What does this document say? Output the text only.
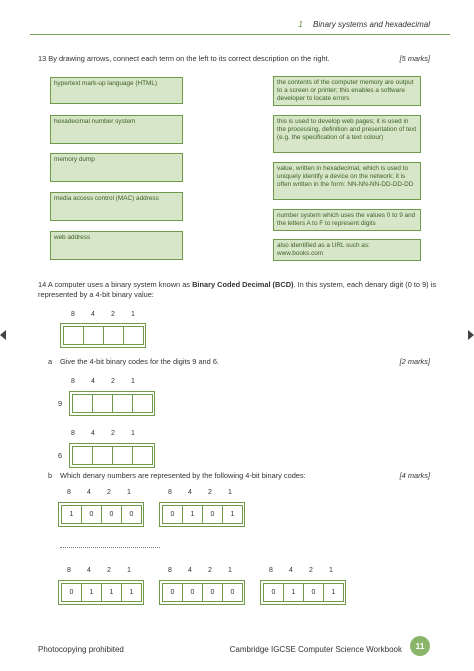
1 Binary systems and hexadecimal
13 By drawing arrows, connect each term on the left to its correct description on the right.	[5 marks]
hypertext mark-up language (HTML)
hexadecimal number system
memory dump
media access control (MAC) address
web address
the contents of the computer memory are output to a screen or printer; this enables a software developer to locate errors
this is used to develop web pages; it is used in the processing, definition and presentation of text (e.g. the specification of a text colour)
value, written in hexadecimal, which is used to uniquely identify a device on the network; it is often written in the form: NN-NN-NN-DD-DD-DD
number system which uses the values 0 to 9 and the letters A to F to represent digits
also identified as a URL such as: www.books.com
14 A computer uses a binary system known as Binary Coded Decimal (BCD). In this system, each denary digit (0 to 9) is represented by a 4-bit binary value:
8	4	2	1
a Give the 4-bit binary codes for the digits 9 and 6.	[2 marks]
8	4	2	1
9
8	4	2	1
6
b Which denary numbers are represented by the following 4-bit binary codes:	[4 marks]
8	4	2	1
1	0	0	0
8	4	2	1
0	1	0	1
8	4	2	1
0	1	1	1
8	4	2	1
0	0	0	0
8	4	2	1
0	1	0	1
Photocopying prohibited	Cambridge IGCSE Computer Science Workbook	11
